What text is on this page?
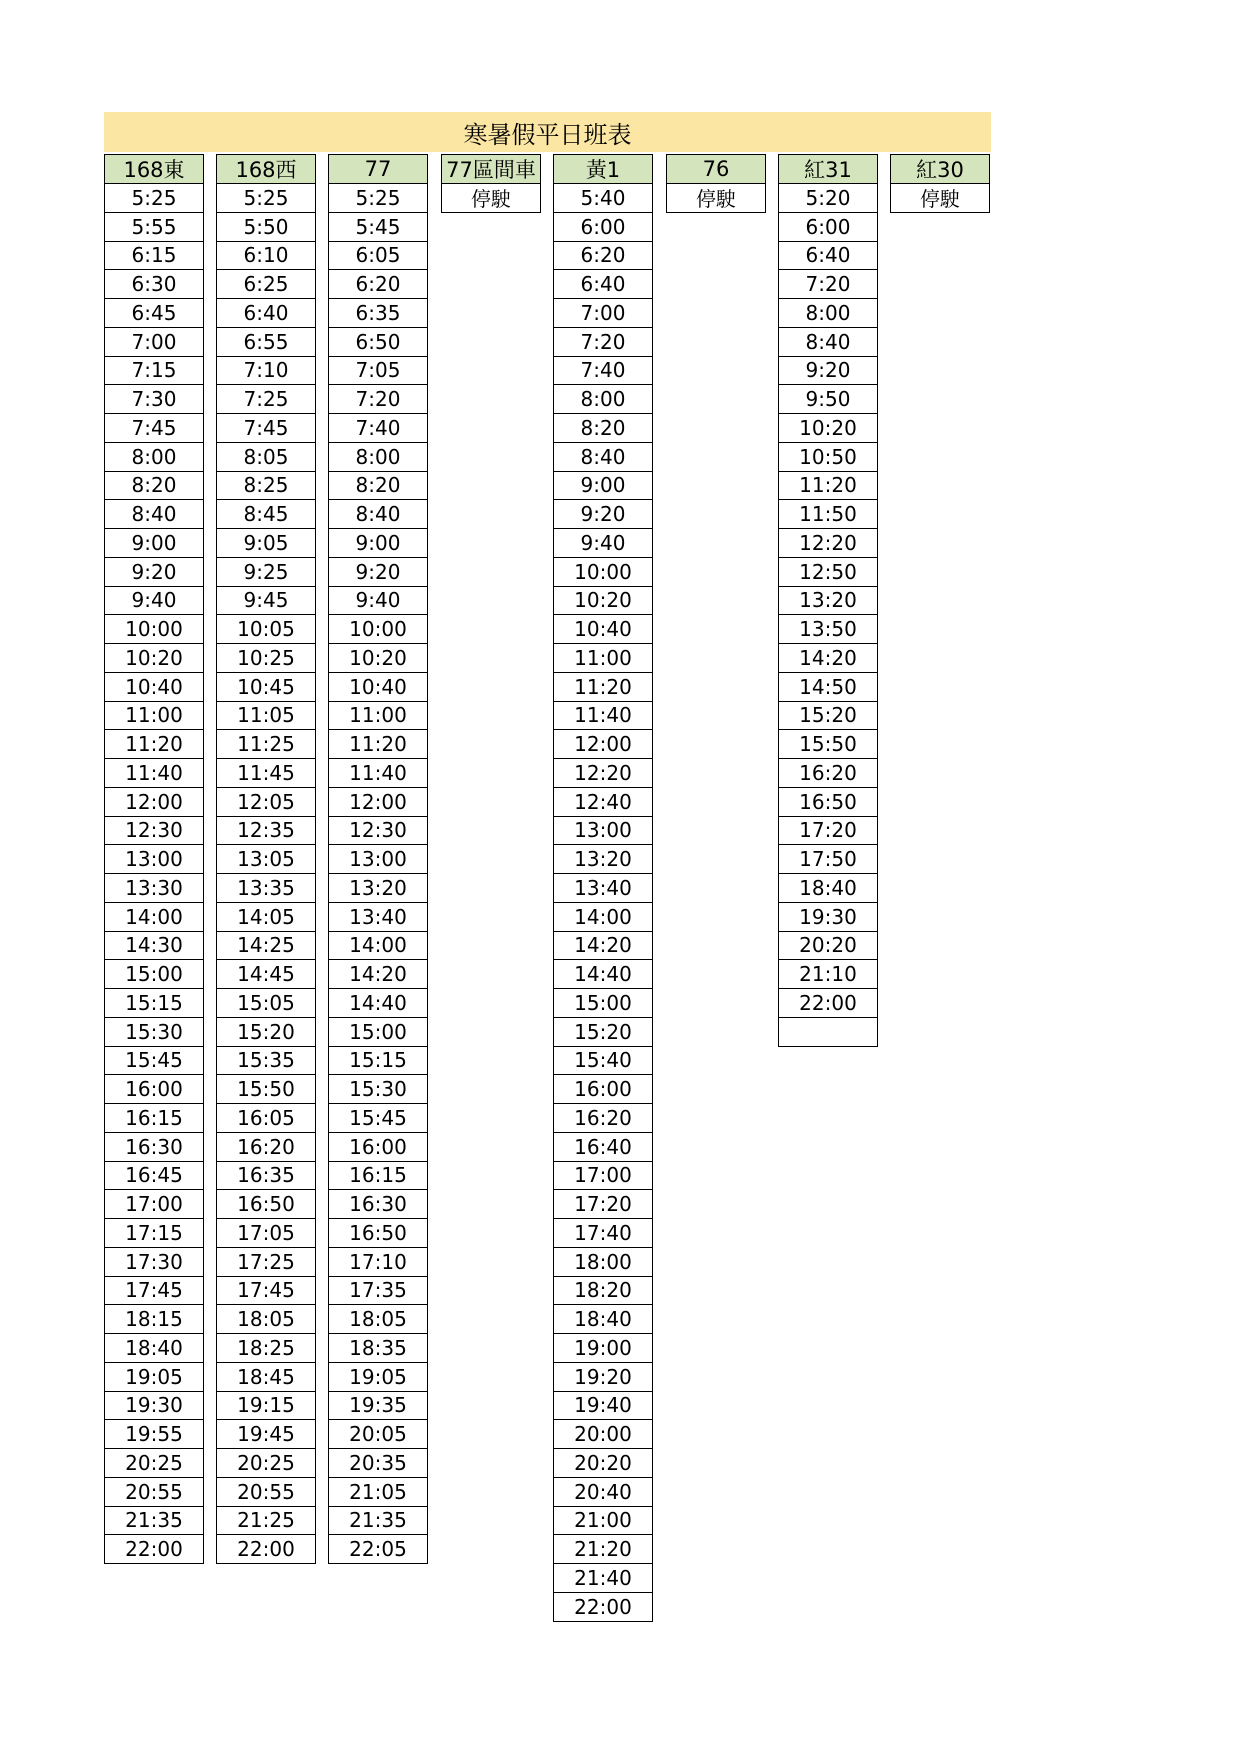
寒暑假平日班表
168東
5:25
5:55
6:15
6:30
6:45
7:00
7:15
7:30
7:45
8:00
8:20
8:40
9:00
9:20
9:40
10:00
10:20
10:40
11:00
11:20
11:40
12:00
12:30
13:00
13:30
14:00
14:30
15:00
15:15
15:30
15:45
16:00
16:15
16:30
16:45
17:00
17:15
17:30
17:45
18:15
18:40
19:05
19:30
19:55
20:25
20:55
21:35
22:00
168西
5:25
5:50
6:10
6:25
6:40
6:55
7:10
7:25
7:45
8:05
8:25
8:45
9:05
9:25
9:45
10:05
10:25
10:45
11:05
11:25
11:45
12:05
12:35
13:05
13:35
14:05
14:25
14:45
15:05
15:20
15:35
15:50
16:05
16:20
16:35
16:50
17:05
17:25
17:45
18:05
18:25
18:45
19:15
19:45
20:25
20:55
21:25
22:00
77
5:25
5:45
6:05
6:20
6:35
6:50
7:05
7:20
7:40
8:00
8:20
8:40
9:00
9:20
9:40
10:00
10:20
10:40
11:00
11:20
11:40
12:00
12:30
13:00
13:20
13:40
14:00
14:20
14:40
15:00
15:15
15:30
15:45
16:00
16:15
16:30
16:50
17:10
17:35
18:05
18:35
19:05
19:35
20:05
20:35
21:05
21:35
22:05
77區間車
停駛
黃1
5:40
6:00
6:20
6:40
7:00
7:20
7:40
8:00
8:20
8:40
9:00
9:20
9:40
10:00
10:20
10:40
11:00
11:20
11:40
12:00
12:20
12:40
13:00
13:20
13:40
14:00
14:20
14:40
15:00
15:20
15:40
16:00
16:20
16:40
17:00
17:20
17:40
18:00
18:20
18:40
19:00
19:20
19:40
20:00
20:20
20:40
21:00
21:20
21:40
22:00
76
停駛
紅31
5:20
6:00
6:40
7:20
8:00
8:40
9:20
9:50
10:20
10:50
11:20
11:50
12:20
12:50
13:20
13:50
14:20
14:50
15:20
15:50
16:20
16:50
17:20
17:50
18:40
19:30
20:20
21:10
22:00
紅30
停駛
